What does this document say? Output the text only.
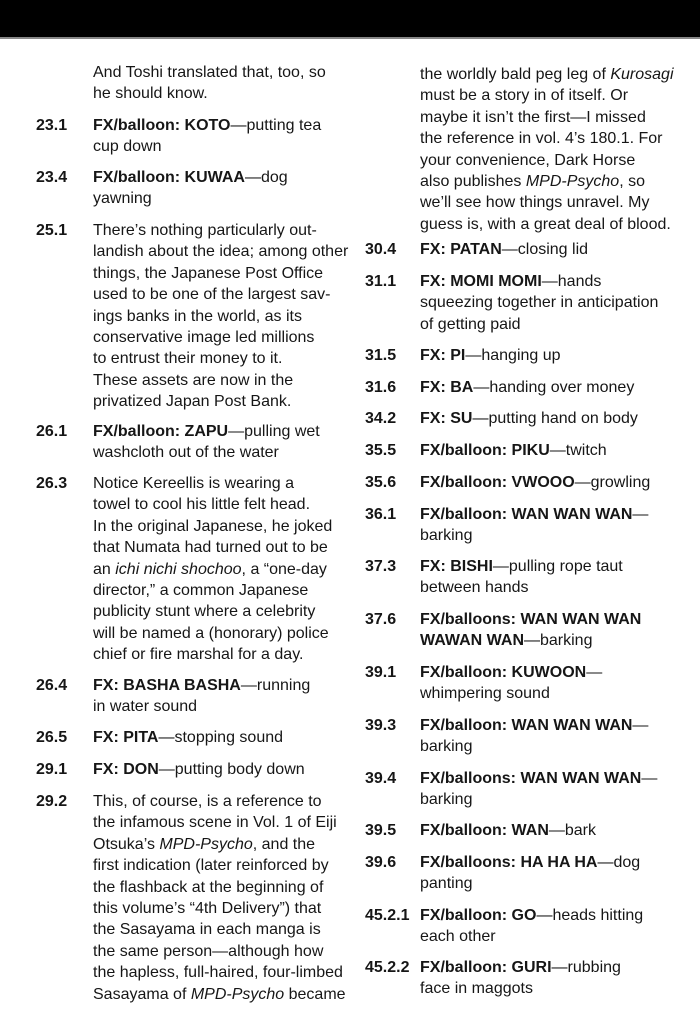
And Toshi translated that, too, so
he should know.
23.1 FX/balloon: KOTO—putting tea
cup down
23.4 FX/balloon: KUWAA—dog
yawning
25.1 There’s nothing particularly out-
landish about the idea; among other
things, the Japanese Post Office
used to be one of the largest sav-
ings banks in the world, as its
conservative image led millions
to entrust their money to it.
These assets are now in the
privatized Japan Post Bank.
26.1 FX/balloon: ZAPU—pulling wet
washcloth out of the water
26.3 Notice Kereellis is wearing a
towel to cool his little felt head.
In the original Japanese, he joked
that Numata had turned out to be
an ichi nichi shochoo, a “one-day
director,” a common Japanese
publicity stunt where a celebrity
will be named a (honorary) police
chief or fire marshal for a day.
26.4 FX: BASHA BASHA—running
in water sound
26.5 FX: PITA—stopping sound
29.1 FX: DON—putting body down
29.2 This, of course, is a reference to
the infamous scene in Vol. 1 of Eiji
Otsuka’s MPD-Psycho, and the
first indication (later reinforced by
the flashback at the beginning of
this volume’s “4th Delivery”) that
the Sasayama in each manga is
the same person—although how
the hapless, full-haired, four-limbed
Sasayama of MPD-Psycho became
the worldly bald peg leg of Kurosagi
must be a story in of itself. Or
maybe it isn’t the first—I missed
the reference in vol. 4’s 180.1. For
your convenience, Dark Horse
also publishes MPD-Psycho, so
we’ll see how things unravel. My
guess is, with a great deal of blood.
30.4 FX: PATAN—closing lid
31.1 FX: MOMI MOMI—hands
squeezing together in anticipation
of getting paid
31.5 FX: PI—hanging up
31.6 FX: BA—handing over money
34.2 FX: SU—putting hand on body
35.5 FX/balloon: PIKU—twitch
35.6 FX/balloon: VWOOO—growling
36.1 FX/balloon: WAN WAN WAN—
barking
37.3 FX: BISHI—pulling rope taut
between hands
37.6 FX/balloons: WAN WAN WAN
WAWAN WAN—barking
39.1 FX/balloon: KUWOON—
whimpering sound
39.3 FX/balloon: WAN WAN WAN—
barking
39.4 FX/balloons: WAN WAN WAN—
barking
39.5 FX/balloon: WAN—bark
39.6 FX/balloons: HA HA HA—dog
panting
45.2.1 FX/balloon: GO—heads hitting
each other
45.2.2 FX/balloon: GURI—rubbing
face in maggots
